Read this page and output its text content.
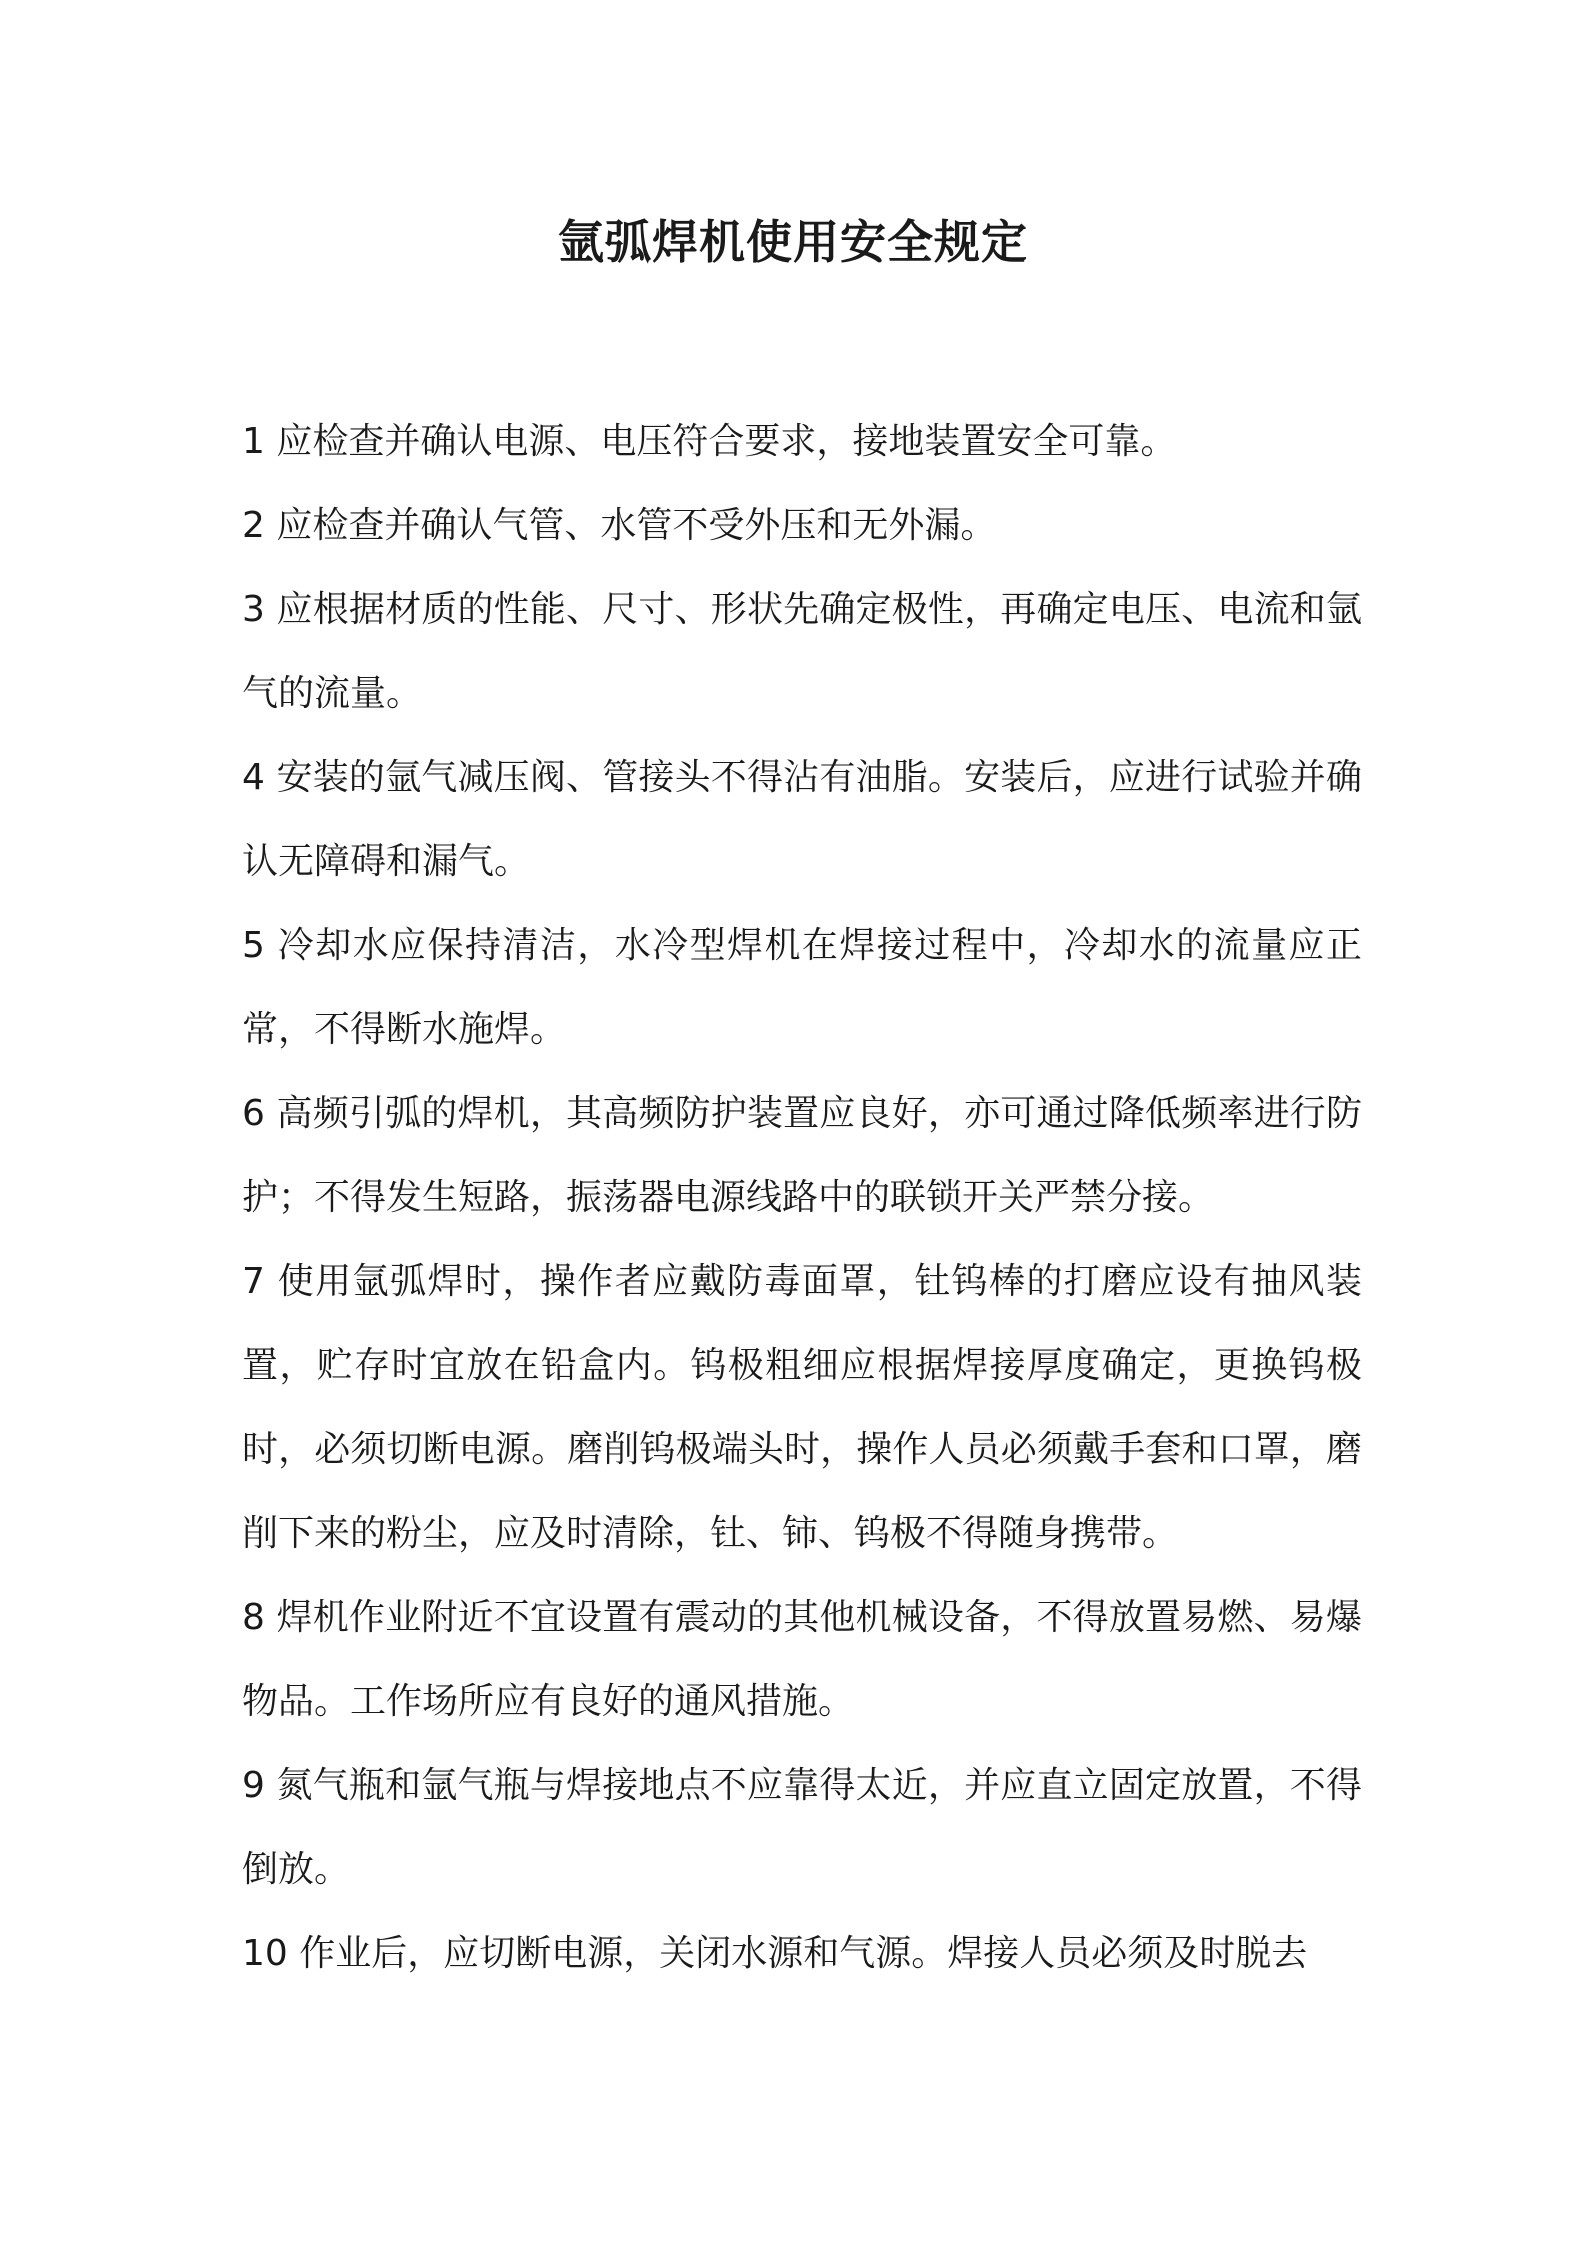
氩弧焊机使用安全规定

1 应检查并确认电源、电压符合要求，接地装置安全可靠。

2 应检查并确认气管、水管不受外压和无外漏。

3 应根据材质的性能、尺寸、形状先确定极性，再确定电压、电流和氩气的流量。

4 安装的氩气减压阀、管接头不得沾有油脂。安装后，应进行试验并确认无障碍和漏气。

5 冷却水应保持清洁，水冷型焊机在焊接过程中，冷却水的流量应正常，不得断水施焊。

6 高频引弧的焊机，其高频防护装置应良好，亦可通过降低频率进行防护；不得发生短路，振荡器电源线路中的联锁开关严禁分接。

7 使用氩弧焊时，操作者应戴防毒面罩，钍钨棒的打磨应设有抽风装置，贮存时宜放在铅盒内。钨极粗细应根据焊接厚度确定，更换钨极时，必须切断电源。磨削钨极端头时，操作人员必须戴手套和口罩，磨削下来的粉尘，应及时清除，钍、铈、钨极不得随身携带。

8 焊机作业附近不宜设置有震动的其他机械设备，不得放置易燃、易爆物品。工作场所应有良好的通风措施。

9 氮气瓶和氩气瓶与焊接地点不应靠得太近，并应直立固定放置，不得倒放。

10 作业后，应切断电源，关闭水源和气源。焊接人员必须及时脱去
